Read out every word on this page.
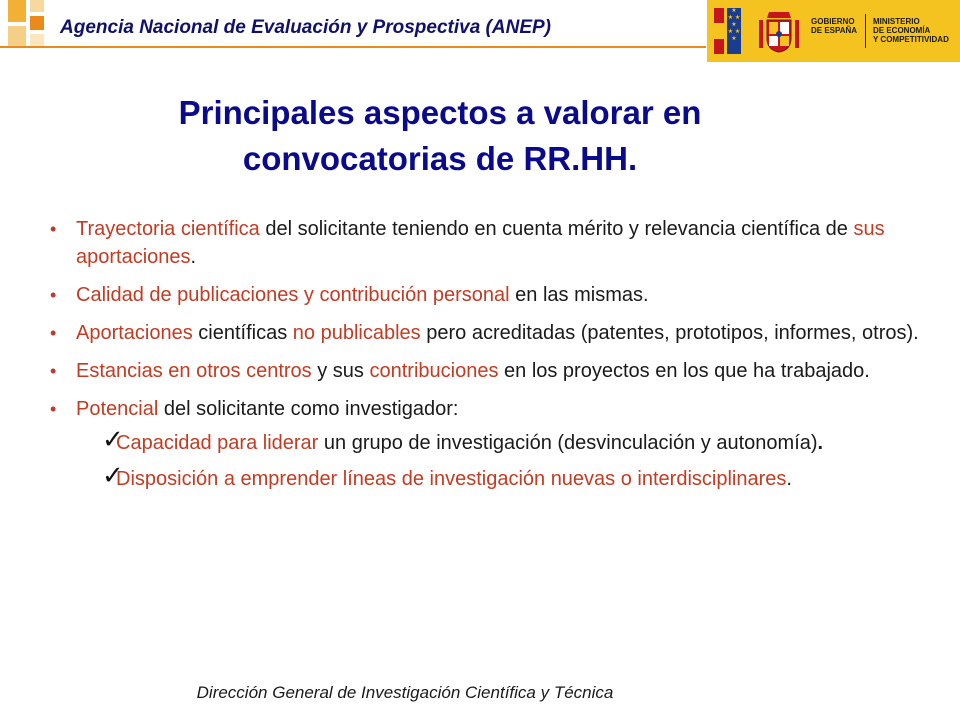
Agencia Nacional de Evaluación y Prospectiva (ANEP)
★
★ ★
★
★ ★
★
GOBIERNO
DE ESPAÑA
MINISTERIO
DE ECONOMÍA
Y COMPETITIVIDAD
Principales aspectos a valorar en
convocatorias de RR.HH.
• Trayectoria científica del solicitante teniendo en cuenta mérito y relevancia científica de sus aportaciones.
• Calidad de publicaciones y contribución personal en las mismas.
• Aportaciones científicas no publicables pero acreditadas (patentes, prototipos, informes, otros).
• Estancias en otros centros y sus contribuciones en los proyectos en los que ha trabajado.
• Potencial del solicitante como investigador:
✓
Capacidad para liderar un grupo de investigación (desvinculación y autonomía).
✓
Disposición a emprender líneas de investigación nuevas o interdisciplinares.
Dirección General de Investigación Científica y Técnica
